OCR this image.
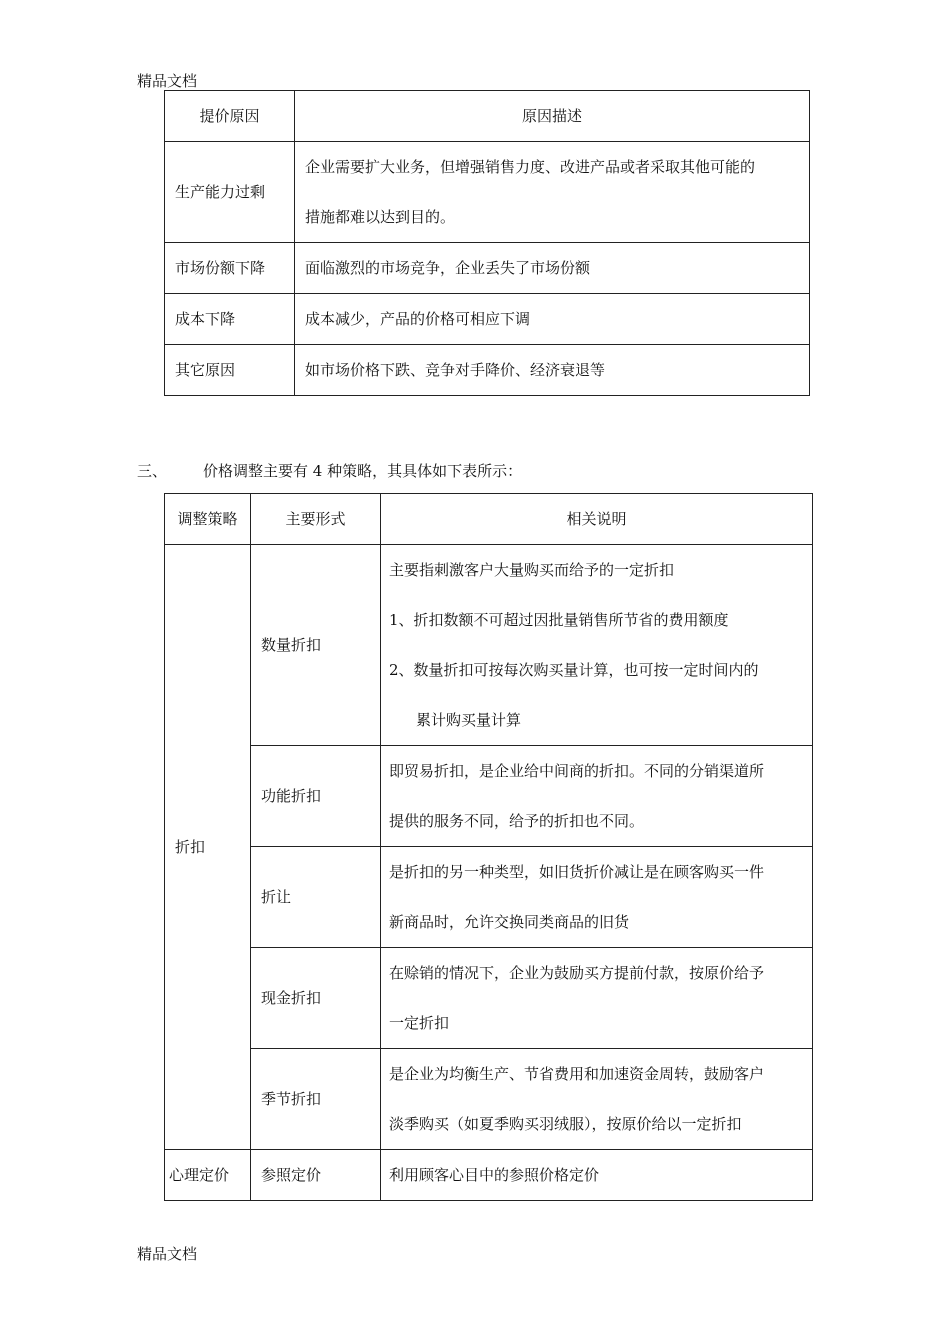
精品文档
提价原因	原因描述
生产能力过剩	企业需要扩大业务，但增强销售力度、改进产品或者采取其他可能的
措施都难以达到目的。

市场份额下降	面临激烈的市场竞争，企业丢失了市场份额
成本下降	成本减少，产品的价格可相应下调
其它原因	如市场价格下跌、竞争对手降价、经济衰退等
三、 价格调整主要有 4 种策略，其具体如下表所示：
调整策略	主要形式	相关说明
折扣	数量折扣	主要指刺激客户大量购买而给予的一定折扣
1、折扣数额不可超过因批量销售所节省的费用额度
2、数量折扣可按每次购买量计算，也可按一定时间内的
累计购买量计算

	功能折扣	即贸易折扣，是企业给中间商的折扣。不同的分销渠道所
提供的服务不同，给予的折扣也不同。

	折让	是折扣的另一种类型，如旧货折价减让是在顾客购买一件
新商品时，允许交换同类商品的旧货

	现金折扣	在赊销的情况下，企业为鼓励买方提前付款，按原价给予
一定折扣

	季节折扣	是企业为均衡生产、节省费用和加速资金周转，鼓励客户
淡季购买（如夏季购买羽绒服），按原价给以一定折扣

心理定价	参照定价	利用顾客心目中的参照价格定价
精品文档
